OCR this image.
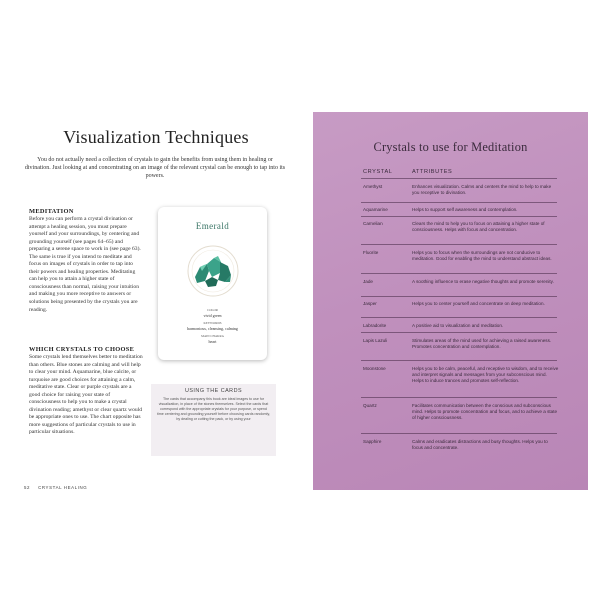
Visualization Techniques
You do not actually need a collection of crystals to gain the benefits from using them in healing or divination. Just looking at and concentrating on an image of the relevant crystal can be enough to tap into its powers.
MEDITATION
Before you can perform a crystal divination or attempt a healing session, you must prepare yourself and your surroundings, by centering and grounding yourself (see pages 64–65) and preparing a serene space to work in (see page 63). The same is true if you intend to meditate and focus on images of crystals in order to tap into their powers and healing properties. Meditating can help you to attain a higher state of consciousness than normal, raising your intuition and making you more receptive to answers or solutions being presented by the crystals you are reading.
WHICH CRYSTALS TO CHOOSE
Some crystals lend themselves better to meditation than others. Blue stones are calming and will help to clear your mind. Aquamarine, blue calcite, or turquoise are good choices for attaining a calm, meditative state. Clear or purple crystals are a good choice for raising your state of consciousness to help you to make a crystal divination reading; amethyst or clear quartz would be appropriate ones to use. The chart opposite has more suggestions of particular crystals to use in particular situations.
Emerald
COLOR
vivid green
KEYWORDS
harmonious, cleansing, calming
MAIN CHAKRA
heart
USING THE CARDS
The cards that accompany this book are ideal images to use for visualization, in place of the stones themselves. Select the cards that correspond with the appropriate crystals for your purpose, or spend time centering and grounding yourself before choosing cards randomly, by dealing or cutting the pack, or by using your
52 CRYSTAL HEALING
Crystals to use for Meditation
CRYSTAL	ATTRIBUTES
Amethyst	Enhances visualization. Calms and centers the mind to help to make you receptive to divination.
Aquamarine	Helps to support self awareness and contemplation.
Carnelian	Clears the mind to help you to focus on attaining a higher state of consciousness. Helps with focus and concentration.
Fluorite	Helps you to focus when the surroundings are not conducive to meditation. Good for enabling the mind to understand abstract ideas.
Jade	A soothing influence to erase negative thoughts and promote serenity.
Jasper	Helps you to center yourself and concentrate on deep meditation.
Labradorite	A positive aid to visualization and meditation.
Lapis Lazuli	Stimulates areas of the mind used for achieving a raised awareness. Promotes concentration and contemplation.
Moonstone	Helps you to be calm, peaceful, and receptive to wisdom, and to receive and interpret signals and messages from your subconscious mind. Helps to induce trances and promotes self-reflection.
Quartz	Facilitates communication between the conscious and subconscious mind. Helps to promote concentration and focus, and to achieve a state of higher consciousness.
Sapphire	Calms and eradicates distractions and busy thoughts. Helps you to focus and concentrate.
